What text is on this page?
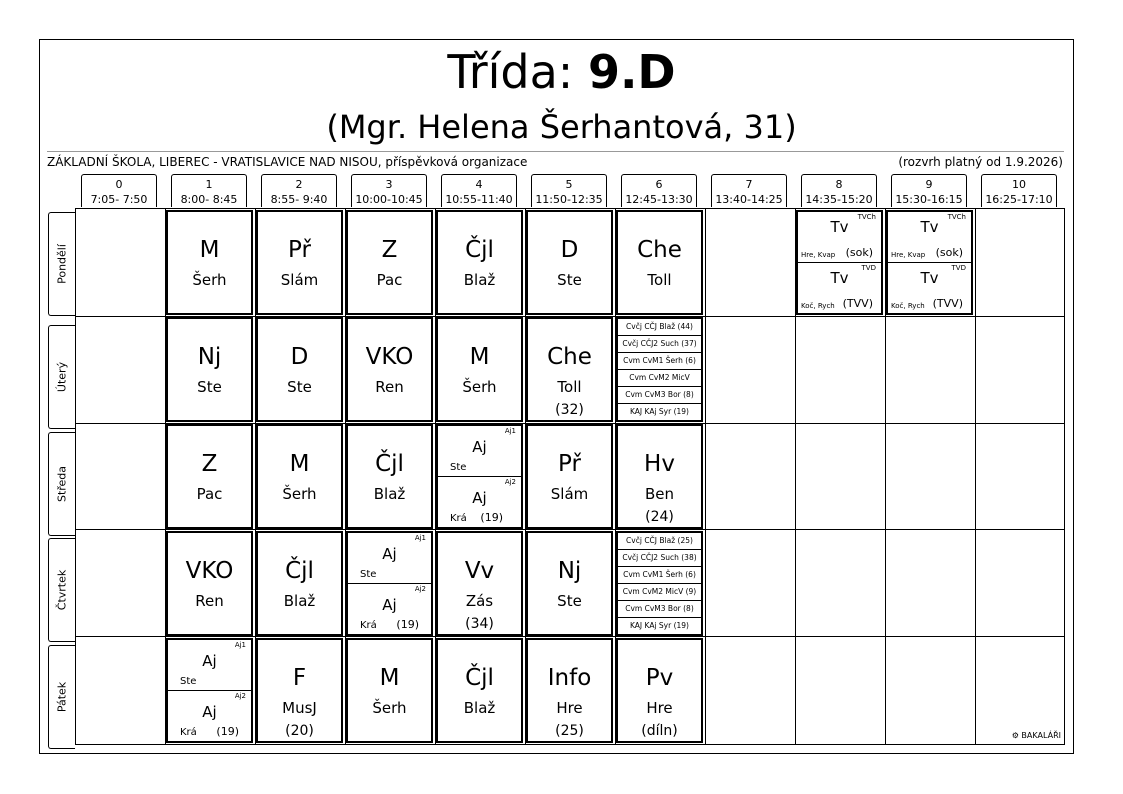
Třída: 9.D
(Mgr. Helena Šerhantová, 31)
ZÁKLADNÍ ŠKOLA, LIBEREC - VRATISLAVICE NAD NISOU, příspěvková organizace	(rozvrh platný od 1.9.2026)
0
7:05- 7:50
1
8:00- 8:45
2
8:55- 9:40
3
10:00-10:45
4
10:55-11:40
5
11:50-12:35
6
12:45-13:30
7
13:40-14:25
8
14:35-15:20
9
15:30-16:15
10
16:25-17:10
Pondělí
Úterý
Středa
Čtvrtek
Pátek
M
Šerh
Př
Slám
Z
Pac
Čjl
Blaž
D
Ste
Che
Toll
TVCh
Tv
Hre, Kvap (sok)
TVD
Tv
Koč, Rych (TVV)
TVCh
Tv
Hre, Kvap (sok)
TVD
Tv
Koč, Rych (TVV)
Nj
Ste
D
Ste
VKO
Ren
M
Šerh
Che
Toll
(32)
Cvčj CČJ Blaž (44)
Cvčj CČJ2 Such (37)
Cvm CvM1 Šerh (6)
Cvm CvM2 MicV
Cvm CvM3 Bor (8)
KAJ KAj Syr (19)
Z
Pac
M
Šerh
Čjl
Blaž
Aj1
Aj
Ste
Aj2
Aj
Krá (19)
Př
Slám
Hv
Ben
(24)
VKO
Ren
Čjl
Blaž
Aj1
Aj
Ste
Aj2
Aj
Krá (19)
Vv
Zás
(34)
Nj
Ste
Cvčj CČJ Blaž (25)
Cvčj CČJ2 Such (38)
Cvm CvM1 Šerh (6)
Cvm CvM2 MicV (9)
Cvm CvM3 Bor (8)
KAJ KAj Syr (19)
Aj1
Aj
Ste
Aj2
Aj
Krá (19)
F
MusJ
(20)
M
Šerh
Čjl
Blaž
Info
Hre
(25)
Pv
Hre
(díln)	⚙ BAKALÁŘI
